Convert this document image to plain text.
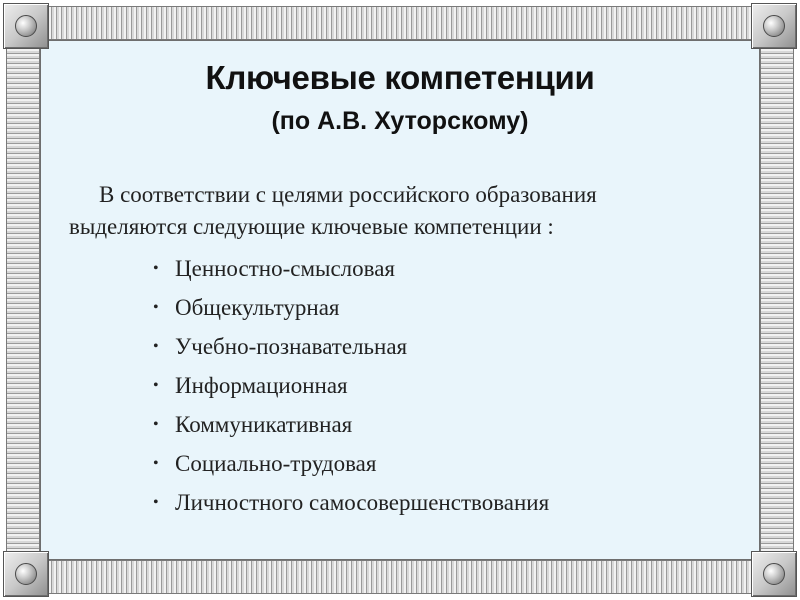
Ключевые компетенции
(по А.В. Хуторскому)

В соответствии с целями российского образования выделяются следующие ключевые компетенции :

• Ценностно-смысловая
• Общекультурная
• Учебно-познавательная
• Информационная
• Коммуникативная
• Социально-трудовая
• Личностного самосовершенствования
